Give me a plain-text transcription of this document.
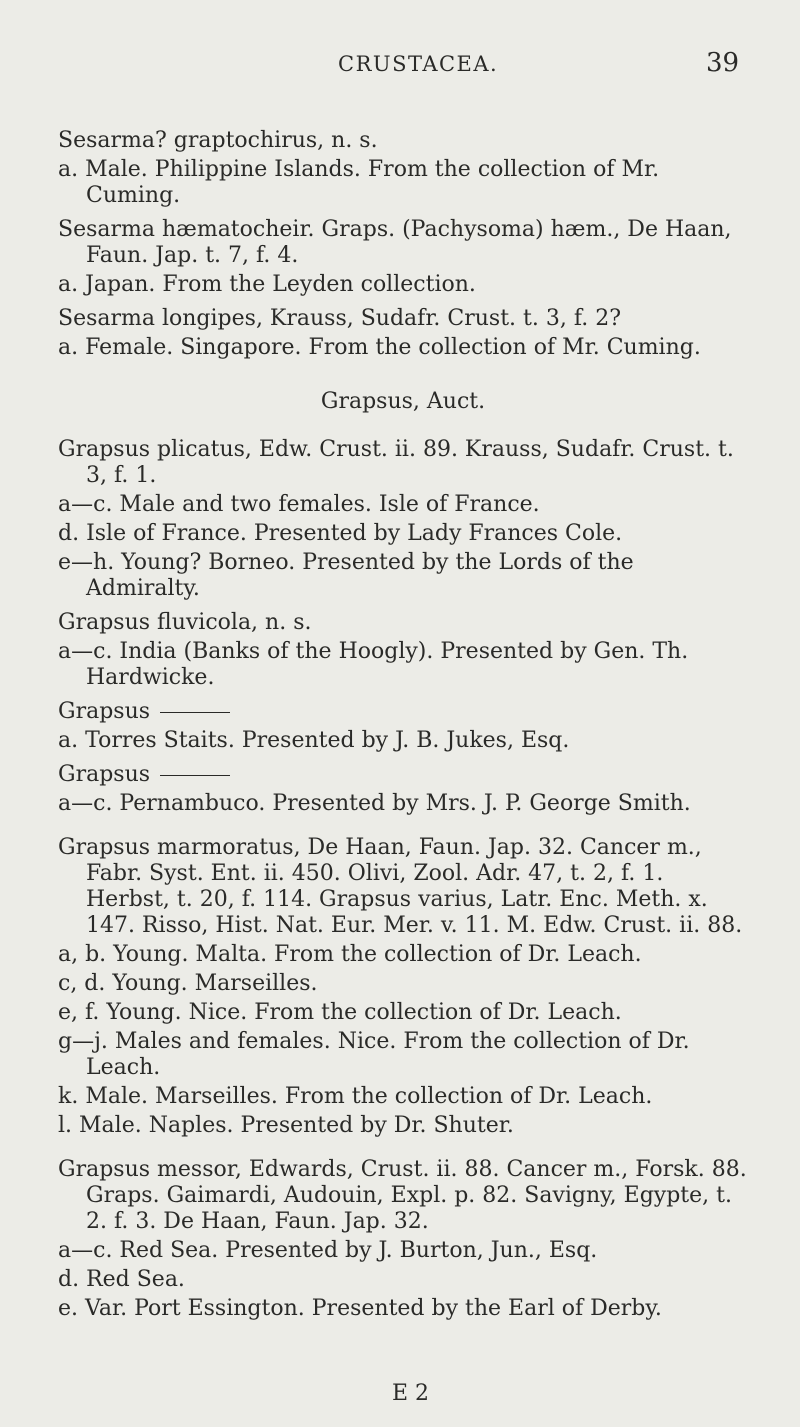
CRUSTACEA.	39
Sesarma? graptochirus, n. s.
a. Male. Philippine Islands. From the collection of Mr. Cuming.
Sesarma hæmatocheir. Graps. (Pachysoma) hæm., De Haan, Faun. Jap. t. 7, f. 4.
a. Japan. From the Leyden collection.
Sesarma longipes, Krauss, Sudafr. Crust. t. 3, f. 2?
a. Female. Singapore. From the collection of Mr. Cuming.
Grapsus, Auct.
Grapsus plicatus, Edw. Crust. ii. 89. Krauss, Sudafr. Crust. t. 3, f. 1.
a—c. Male and two females. Isle of France.
d. Isle of France. Presented by Lady Frances Cole.
e—h. Young? Borneo. Presented by the Lords of the Admiralty.
Grapsus fluvicola, n. s.
a—c. India (Banks of the Hoogly). Presented by Gen. Th. Hardwicke.
Grapsus
a. Torres Staits. Presented by J. B. Jukes, Esq.
Grapsus
a—c. Pernambuco. Presented by Mrs. J. P. George Smith.
Grapsus marmoratus, De Haan, Faun. Jap. 32. Cancer m., Fabr. Syst. Ent. ii. 450. Olivi, Zool. Adr. 47, t. 2, f. 1. Herbst, t. 20, f. 114. Grapsus varius, Latr. Enc. Meth. x. 147. Risso, Hist. Nat. Eur. Mer. v. 11. M. Edw. Crust. ii. 88.
a, b. Young. Malta. From the collection of Dr. Leach.
c, d. Young. Marseilles.
e, f. Young. Nice. From the collection of Dr. Leach.
g—j. Males and females. Nice. From the collection of Dr. Leach.
k. Male. Marseilles. From the collection of Dr. Leach.
l. Male. Naples. Presented by Dr. Shuter.
Grapsus messor, Edwards, Crust. ii. 88. Cancer m., Forsk. 88. Graps. Gaimardi, Audouin, Expl. p. 82. Savigny, Egypte, t. 2. f. 3. De Haan, Faun. Jap. 32.
a—c. Red Sea. Presented by J. Burton, Jun., Esq.
d. Red Sea.
e. Var. Port Essington. Presented by the Earl of Derby.
E 2
